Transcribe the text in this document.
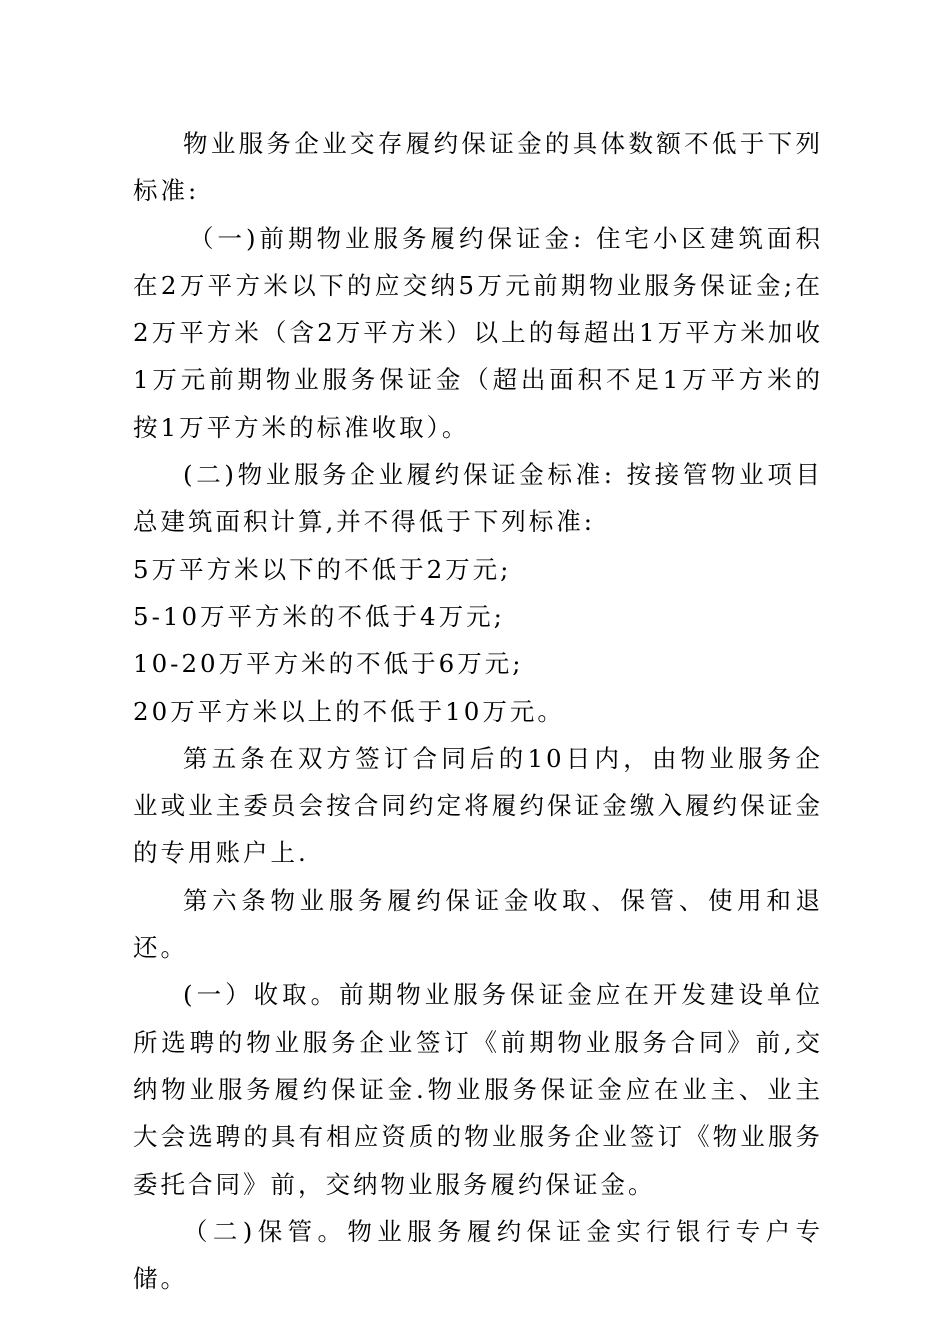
物业服务企业交存履约保证金的具体数额不低于下列标准:

（一)前期物业服务履约保证金: 住宅小区建筑面积在2万平方米以下的应交纳5万元前期物业服务保证金;在2万平方米（含2万平方米）以上的每超出1万平方米加收1万元前期物业服务保证金（超出面积不足1万平方米的按1万平方米的标准收取）。

(二)物业服务企业履约保证金标准: 按接管物业项目总建筑面积计算,并不得低于下列标准:

5万平方米以下的不低于2万元;

5-10万平方米的不低于4万元;

10-20万平方米的不低于6万元;

20万平方米以上的不低于10万元。

第五条在双方签订合同后的10日内，由物业服务企业或业主委员会按合同约定将履约保证金缴入履约保证金的专用账户上.

第六条物业服务履约保证金收取、保管、使用和退还。

(一）收取。前期物业服务保证金应在开发建设单位所选聘的物业服务企业签订《前期物业服务合同》前,交纳物业服务履约保证金.物业服务保证金应在业主、业主大会选聘的具有相应资质的物业服务企业签订《物业服务委托合同》前，交纳物业服务履约保证金。

（二)保管。物业服务履约保证金实行银行专户专储。
